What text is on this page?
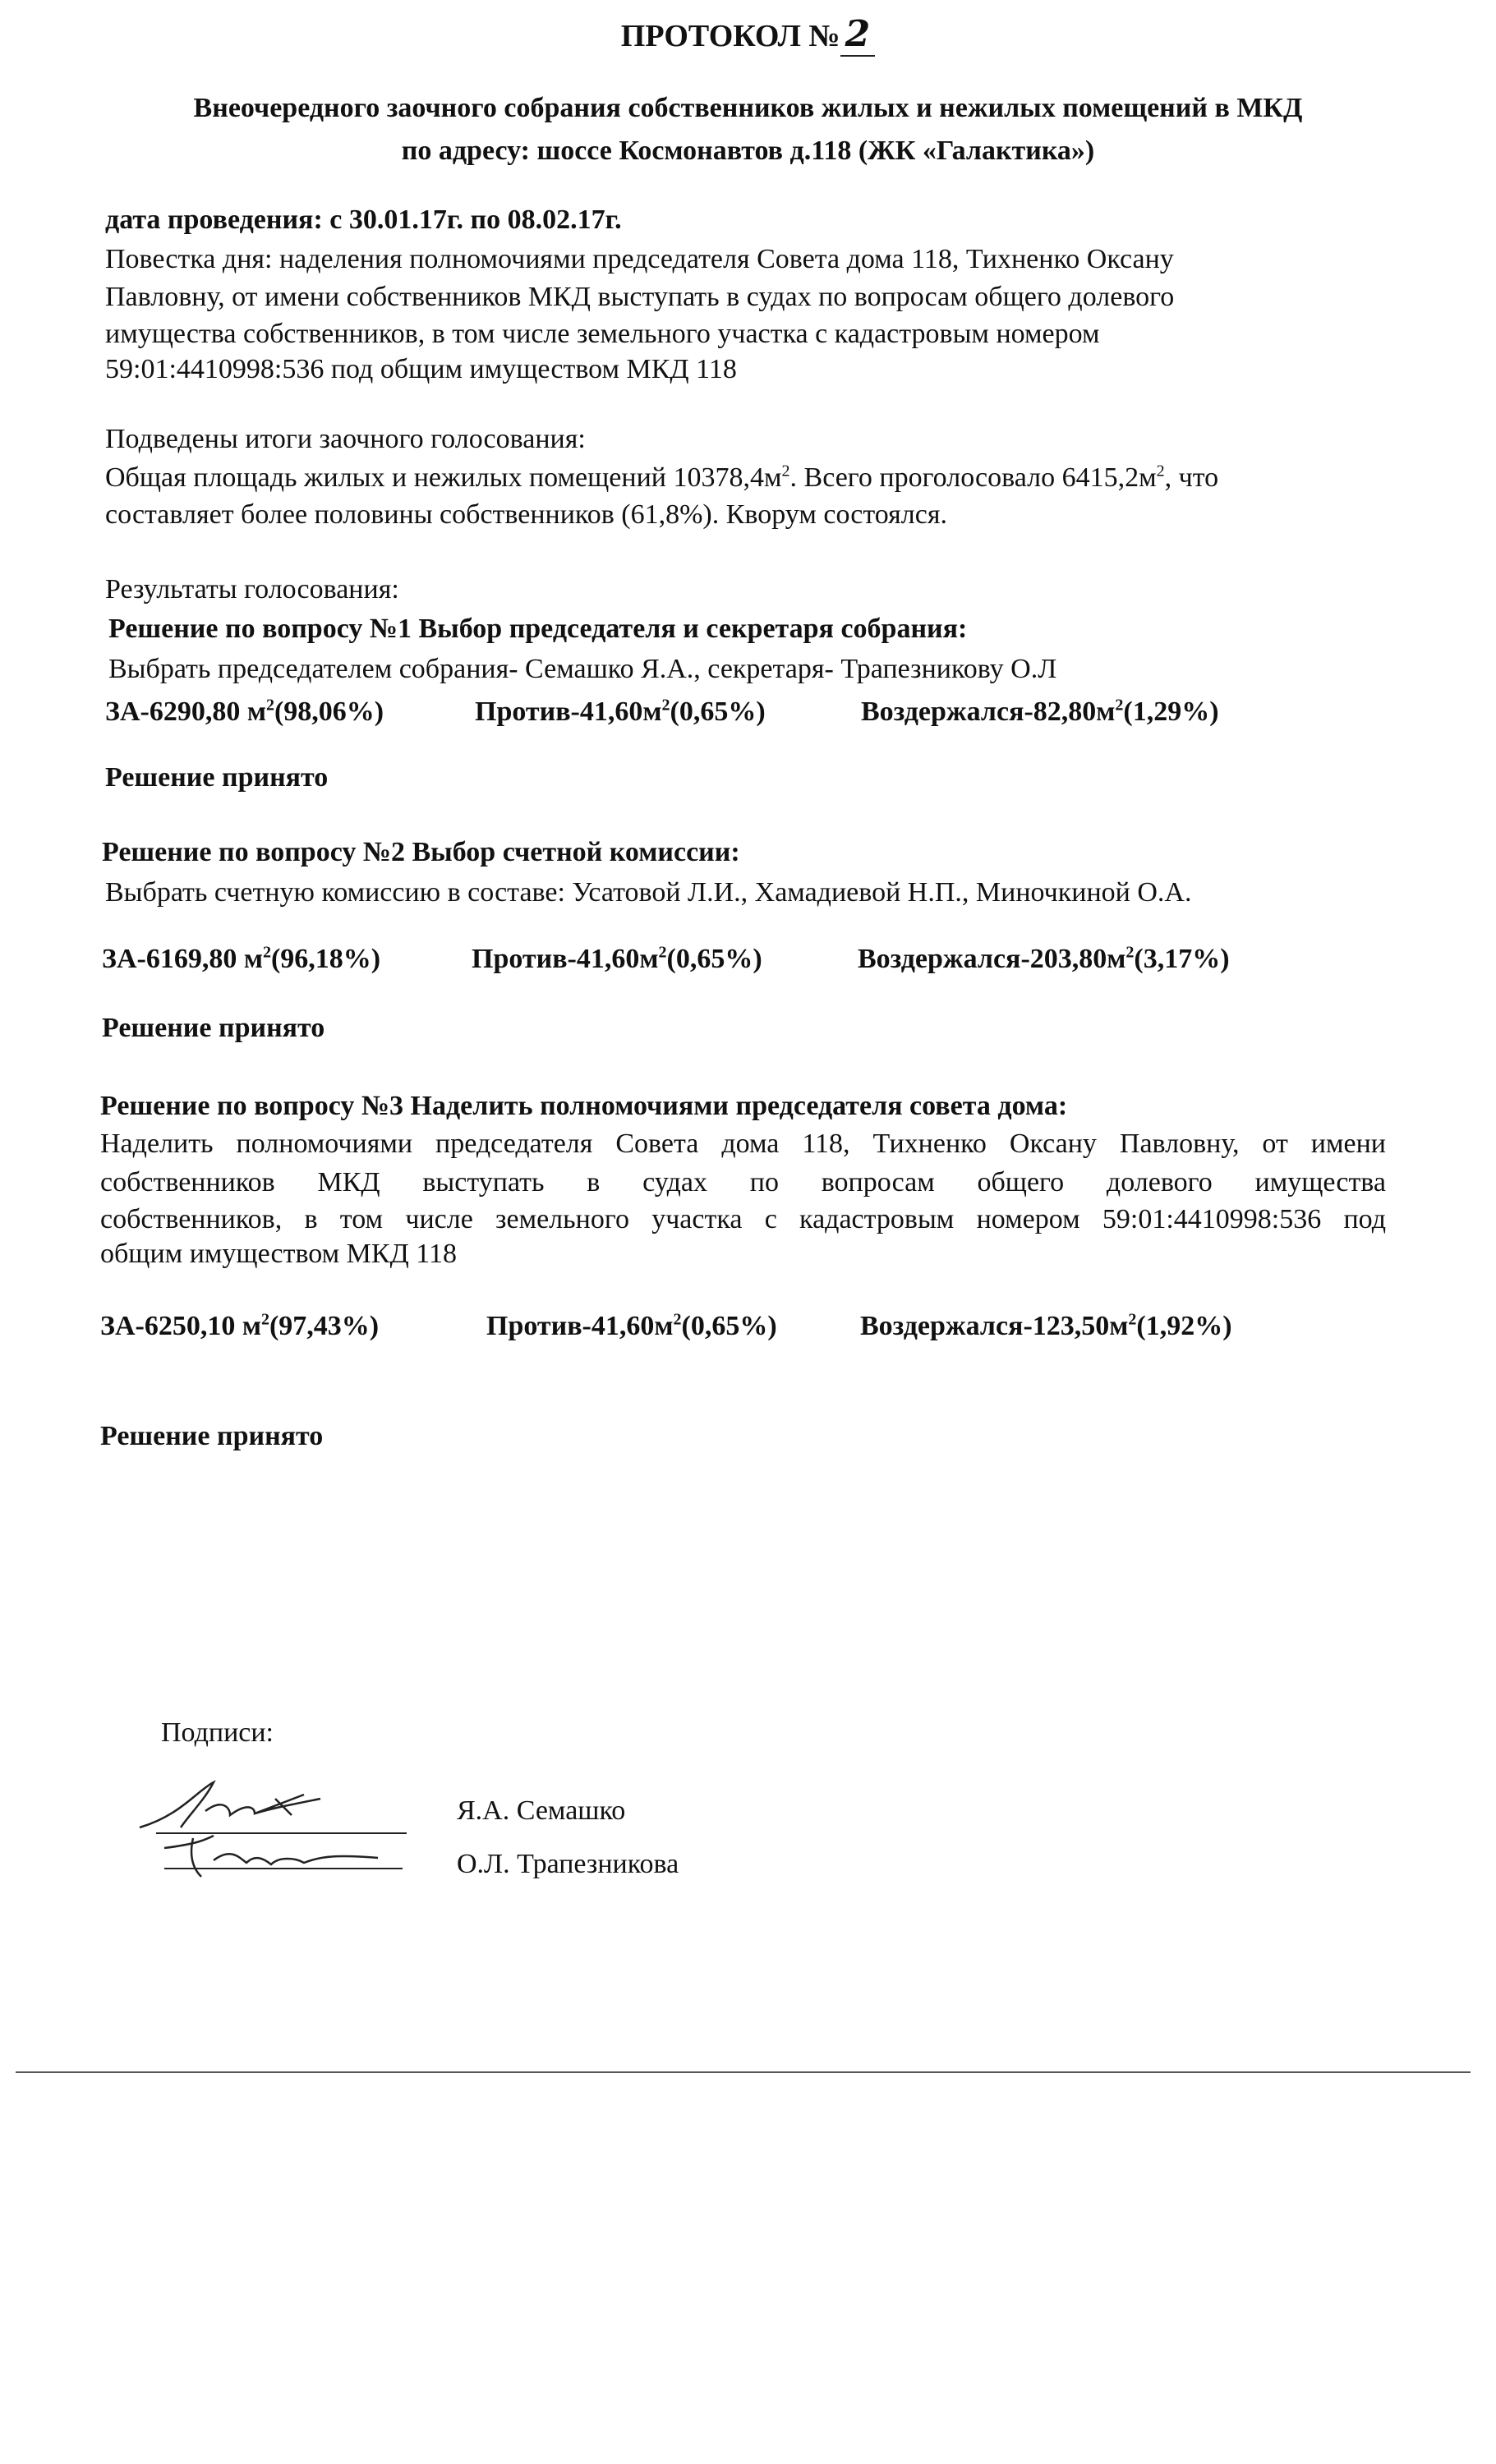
ПРОТОКОЛ № 2
Внеочередного заочного собрания собственников жилых и нежилых помещений в МКД
по адресу: шоссе Космонавтов д.118 (ЖК «Галактика»)
дата проведения: с 30.01.17г. по 08.02.17г.
Повестка дня: наделения полномочиями председателя Совета дома 118, Тихненко Оксану
Павловну, от имени собственников МКД выступать в судах по вопросам общего долевого
имущества собственников, в том числе земельного участка с кадастровым номером
59:01:4410998:536 под общим имуществом МКД 118
Подведены итоги заочного голосования:
Общая площадь жилых и нежилых помещений $10378,4м^2$. Всего проголосовало $6415,2м^2$, что
составляет более половины собственников (61,8%). Кворум состоялся.
Результаты голосования:
Решение по вопросу №1 Выбор председателя и секретаря собрания:
Выбрать председателем собрания- Семашко Я.А., секретаря- Трапезникову О.Л
ЗА-6290,80 $м^2(98,06\%)$	Против-$41,60м^2(0,65\%)$	Воздержался-$82,80м^2(1,29\%)$
Решение принято
Решение по вопросу №2 Выбор счетной комиссии:
Выбрать счетную комиссию в составе: Усатовой Л.И., Хамадиевой Н.П., Миночкиной О.А.
ЗА-6169,80 $м^2(96,18\%)$	Против-$41,60м^2(0,65\%)$	Воздержался-$203,80м^2(3,17\%)$
Решение принято
Решение по вопросу №3 Наделить полномочиями председателя совета дома:
Наделить полномочиями председателя Совета дома 118, Тихненко Оксану Павловну, от имени
собственников МКД выступать в судах по вопросам общего долевого имущества
собственников, в том числе земельного участка с кадастровым номером 59:01:4410998:536 под
общим имуществом МКД 118
ЗА-6250,10 $м^2(97,43\%)$	Против-$41,60м^2(0,65\%)$	Воздержался-$123,50м^2(1,92\%)$
Решение принято
Подписи:
Я.А. Семашко
О.Л. Трапезникова
